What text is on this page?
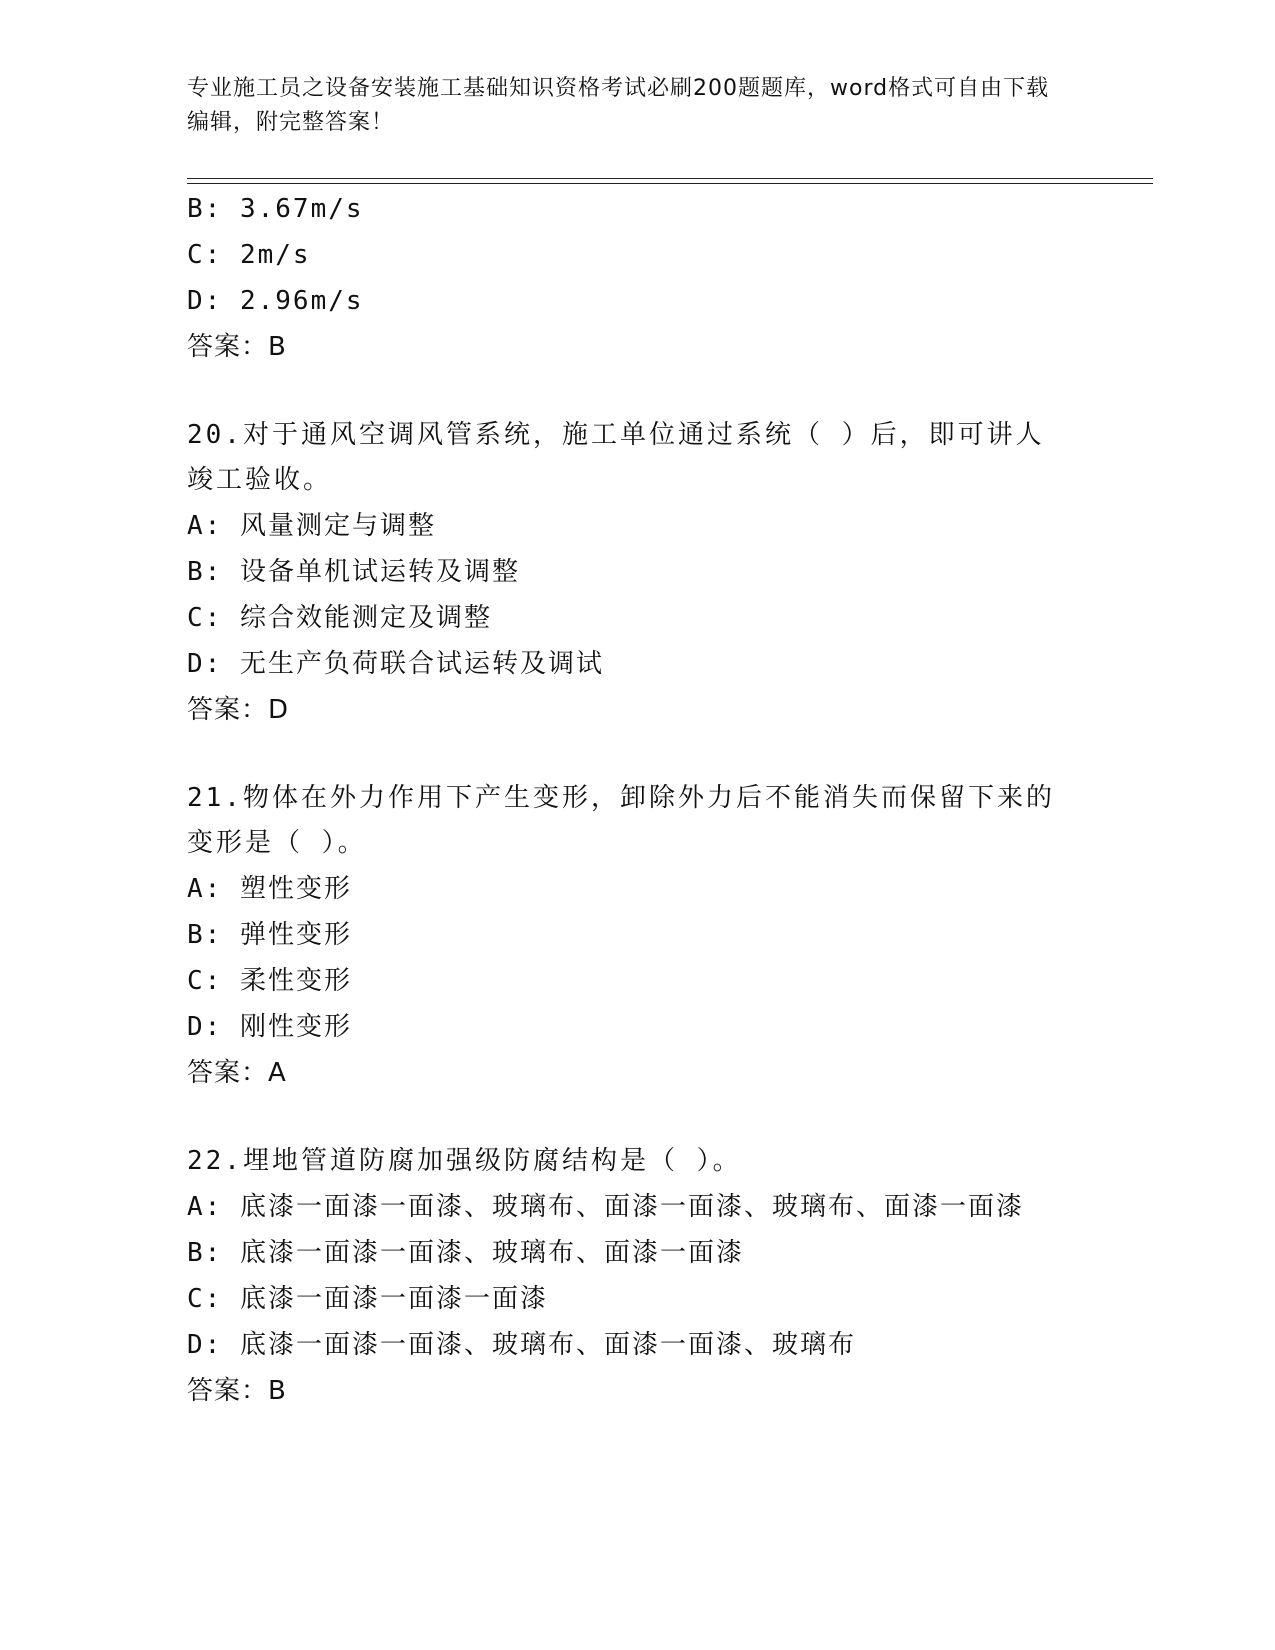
专业施工员之设备安装施工基础知识资格考试必刷200题题库，word格式可自由下载编辑，附完整答案！
B: 3.67m/s
C: 2m/s
D: 2.96m/s
答案：B
20.对于通风空调风管系统，施工单位通过系统（ ）后，即可讲人竣工验收。
A: 风量测定与调整
B: 设备单机试运转及调整
C: 综合效能测定及调整
D: 无生产负荷联合试运转及调试
答案：D
21.物体在外力作用下产生变形，卸除外力后不能消失而保留下来的变形是（ ）。
A: 塑性变形
B: 弹性变形
C: 柔性变形
D: 刚性变形
答案：A
22.埋地管道防腐加强级防腐结构是（ ）。
A: 底漆一面漆一面漆、玻璃布、面漆一面漆、玻璃布、面漆一面漆
B: 底漆一面漆一面漆、玻璃布、面漆一面漆
C: 底漆一面漆一面漆一面漆
D: 底漆一面漆一面漆、玻璃布、面漆一面漆、玻璃布
答案：B
